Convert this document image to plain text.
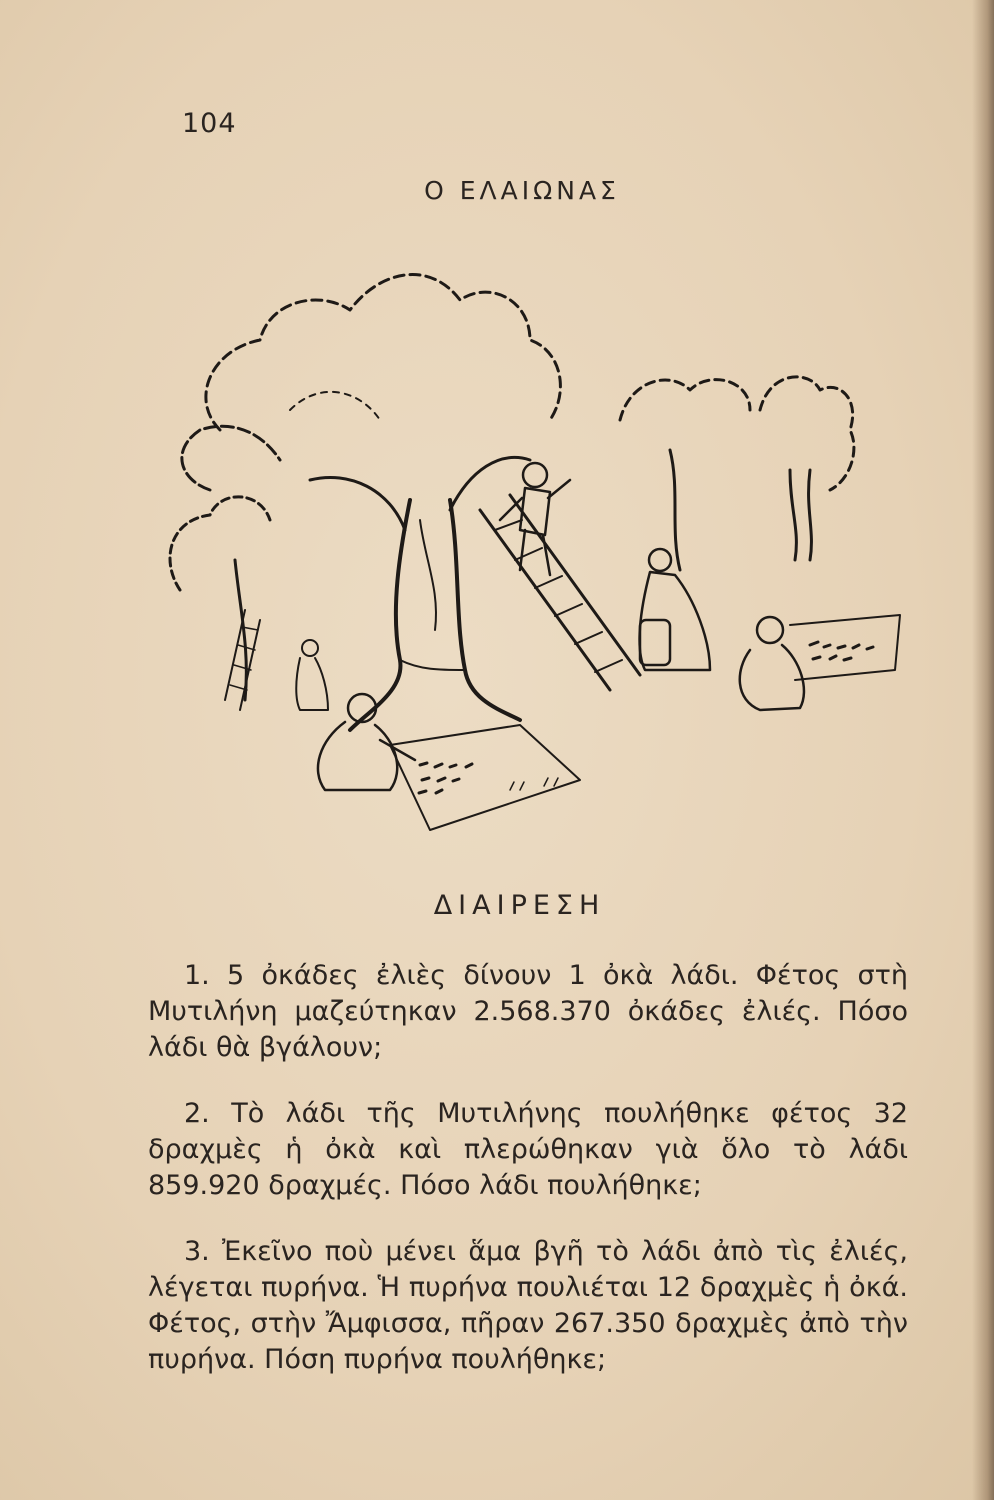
104
Ο ΕΛΑΙΩΝΑΣ
ΔΙΑΙΡΕΣΗ

1. 5 ὀκάδες ἐλιὲς δίνουν 1 ὀκὰ λάδι. Φέτος στὴ Μυτιλήνη μαζεύτηκαν 2.568.370 ὀκάδες ἐλιές. Πόσο λάδι θὰ βγάλουν;

2. Τὸ λάδι τῆς Μυτιλήνης πουλήθηκε φέτος 32 δραχμὲς ἡ ὀκὰ καὶ πλερώθηκαν γιὰ ὅλο τὸ λάδι 859.920 δραχμές. Πόσο λάδι πουλήθηκε;

3. Ἐκεῖνο ποὺ μένει ἅμα βγῆ τὸ λάδι ἀπὸ τὶς ἐλιές, λέγεται πυρήνα. Ἡ πυρήνα πουλιέται 12 δραχμὲς ἡ ὀκά. Φέτος, στὴν Ἄμφισσα, πῆραν 267.350 δραχμὲς ἀπὸ τὴν πυρήνα. Πόση πυρήνα πουλήθηκε;
